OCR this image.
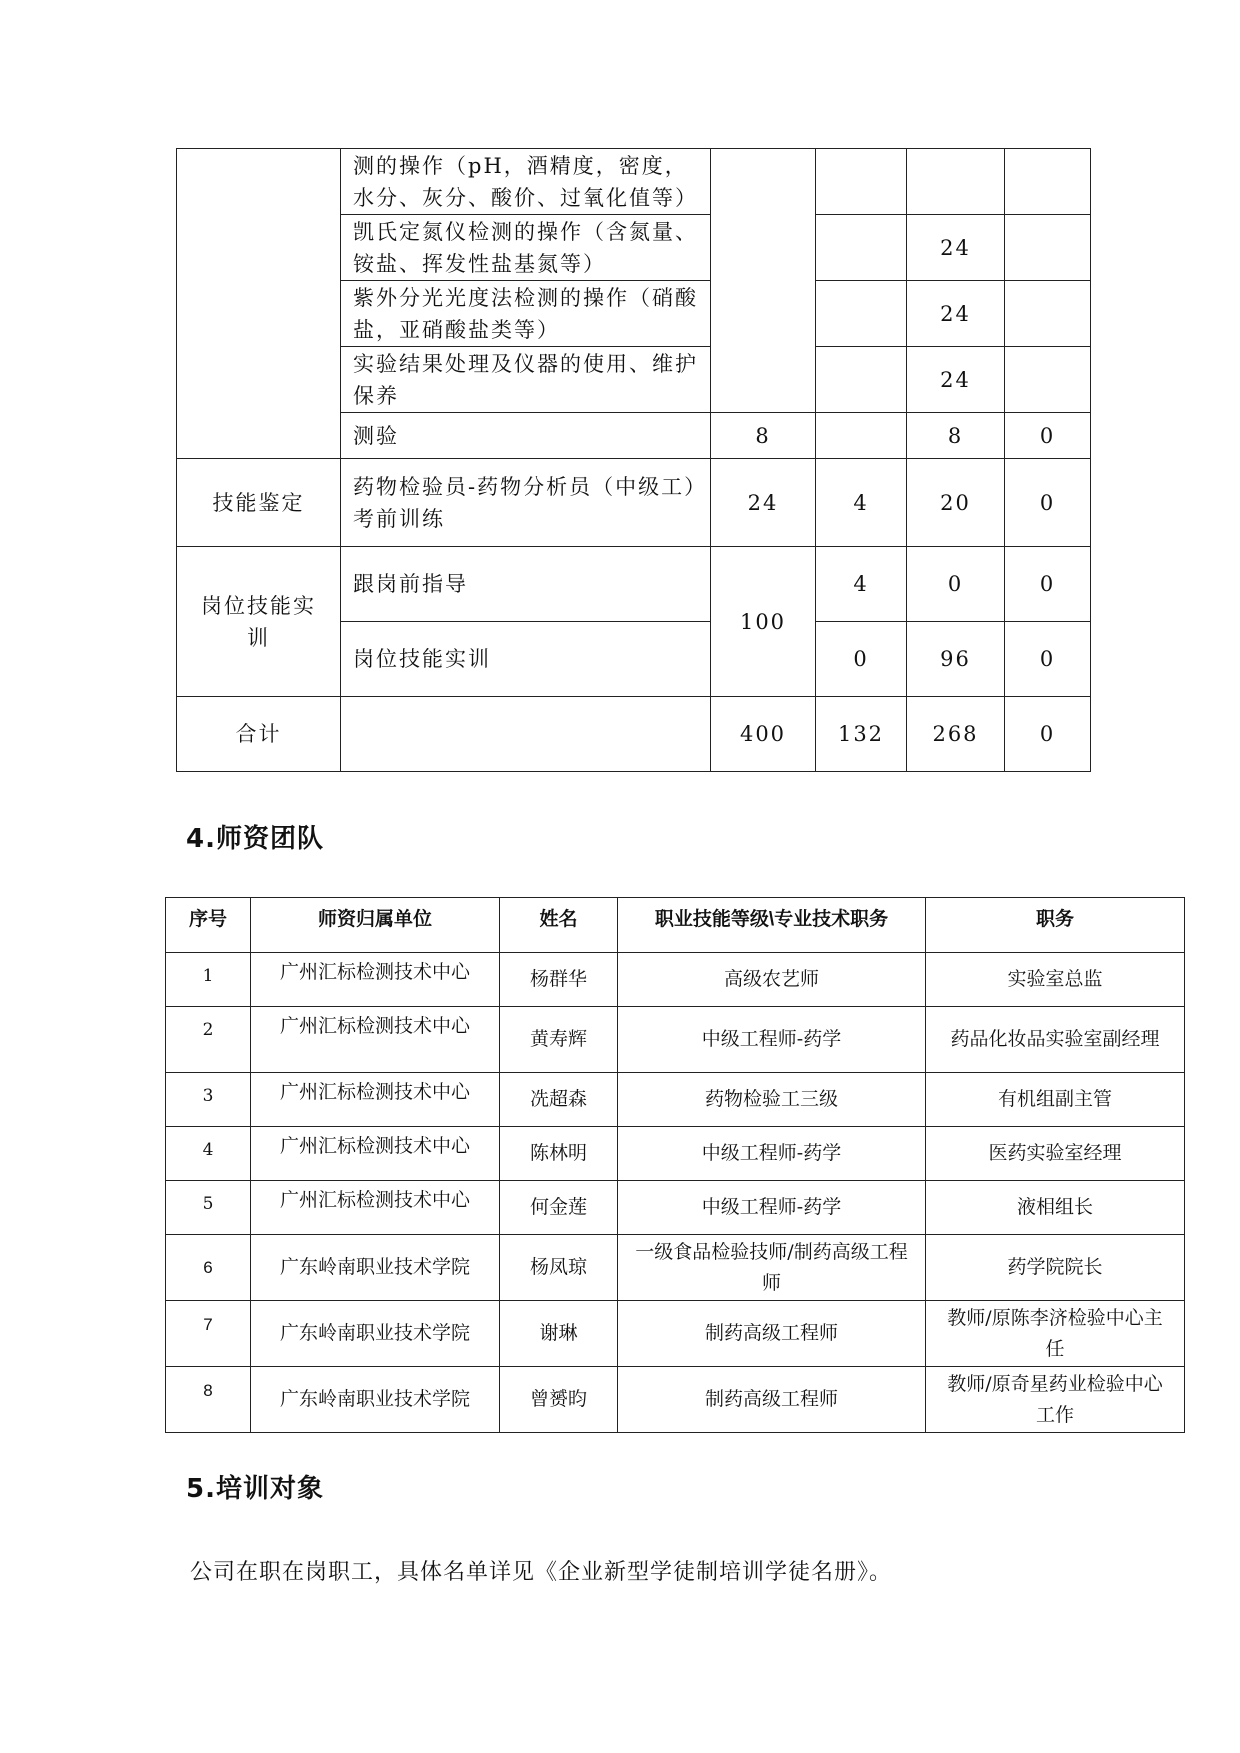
	测的操作（pH，酒精度，密度，水分、灰分、酸价、过氧化值等）				
	凯氏定氮仪检测的操作（含氮量、铵盐、挥发性盐基氮等）			24	
	紫外分光光度法检测的操作（硝酸盐，亚硝酸盐类等）			24	
	实验结果处理及仪器的使用、维护保养			24	
	测验	8		8	0
技能鉴定	药物检验员-药物分析员（中级工）考前训练	24	4	20	0
岗位技能实训	跟岗前指导	100	4	0	0
	岗位技能实训		0	96	0
合计		400	132	268	0
4.师资团队
序号	师资归属单位	姓名	职业技能等级\专业技术职务	职务
1	广州汇标检测技术中心	杨群华	高级农艺师	实验室总监
2	广州汇标检测技术中心	黄寿辉	中级工程师-药学	药品化妆品实验室副经理
3	广州汇标检测技术中心	冼超森	药物检验工三级	有机组副主管
4	广州汇标检测技术中心	陈林明	中级工程师-药学	医药实验室经理
5	广州汇标检测技术中心	何金莲	中级工程师-药学	液相组长
6	广东岭南职业技术学院	杨凤琼	一级食品检验技师/制药高级工程师	药学院院长
7	广东岭南职业技术学院	谢琳	制药高级工程师	教师/原陈李济检验中心主任
8	广东岭南职业技术学院	曾赟昀	制药高级工程师	教师/原奇星药业检验中心工作
5.培训对象
公司在职在岗职工，具体名单详见《企业新型学徒制培训学徒名册》。
